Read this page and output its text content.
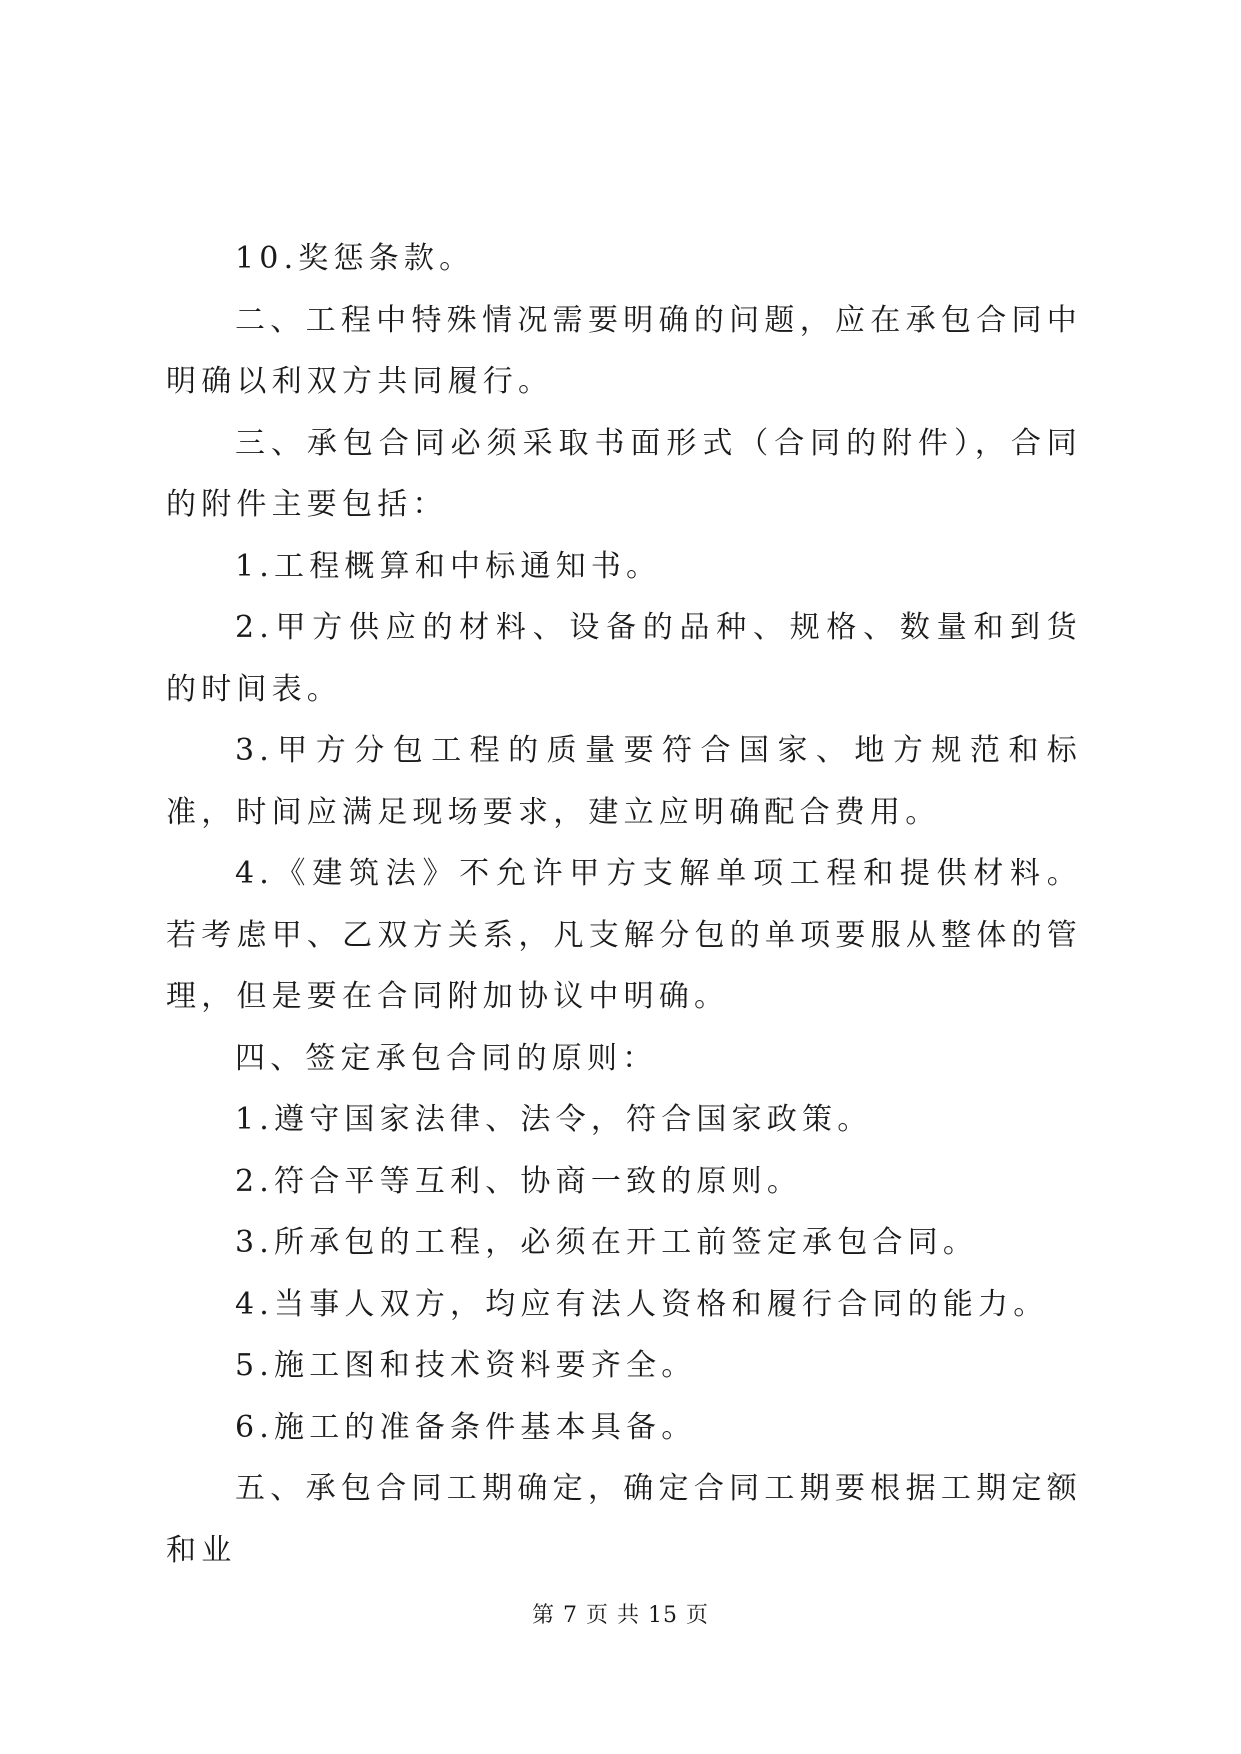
10.奖惩条款。

二、工程中特殊情况需要明确的问题，应在承包合同中明确以利双方共同履行。

三、承包合同必须采取书面形式（合同的附件），合同的附件主要包括：

1.工程概算和中标通知书。

2.甲方供应的材料、设备的品种、规格、数量和到货的时间表。

3.甲方分包工程的质量要符合国家、地方规范和标准，时间应满足现场要求，建立应明确配合费用。

4.《建筑法》不允许甲方支解单项工程和提供材料。若考虑甲、乙双方关系，凡支解分包的单项要服从整体的管理，但是要在合同附加协议中明确。

四、签定承包合同的原则：

1.遵守国家法律、法令，符合国家政策。

2.符合平等互利、协商一致的原则。

3.所承包的工程，必须在开工前签定承包合同。

4.当事人双方，均应有法人资格和履行合同的能力。

5.施工图和技术资料要齐全。

6.施工的准备条件基本具备。

五、承包合同工期确定，确定合同工期要根据工期定额和业

第 7 页 共 15 页
